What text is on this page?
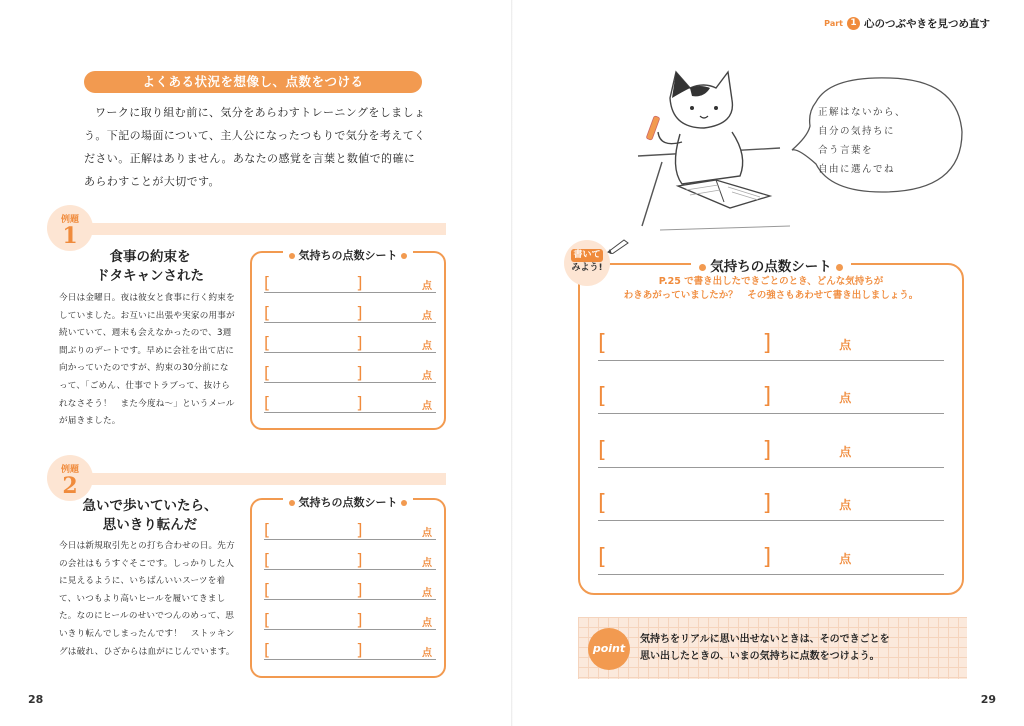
Part 1 心のつぶやきを見つめ直す
よくある状況を想像し、点数をつける

ワークに取り組む前に、気分をあらわすトレーニングをしましょう。下記の場面について、主人公になったつもりで気分を考えてください。正解はありません。あなたの感覚を言葉と数値で的確にあらわすことが大切です。

例題
1
食事の約束を
ドタキャンされた

今日は金曜日。夜は彼女と食事に行く約束をしていました。お互いに出張や実家の用事が続いていて、週末も会えなかったので、3週間ぶりのデートです。早めに会社を出て店に向かっていたのですが、約束の30分前になって、「ごめん、仕事でトラブって、抜けられなさそう！　また今度ね〜」というメールが届きました。

気持ちの点数シート
[	]	点
[	]	点
[	]	点
[	]	点
[	]	点
例題
2
急いで歩いていたら、
思いきり転んだ

今日は新規取引先との打ち合わせの日。先方の会社はもうすぐそこです。しっかりした人に見えるように、いちばんいいスーツを着て、いつもより高いヒールを履いてきました。なのにヒールのせいでつんのめって、思いきり転んでしまったんです！　ストッキングは破れ、ひざからは血がにじんでいます。

気持ちの点数シート
[	]	点
[	]	点
[	]	点
[	]	点
[	]	点
28
正解はないから、
自分の気持ちに
合う言葉を
自由に選んでね
気持ちの点数シート
P.25 で書き出したできごとのとき、どんな気持ちが
わきあがっていましたか？　その強さもあわせて書き出しましょう。
[	]	点
[	]	点
[	]	点
[	]	点
[	]	点
書いて
みよう!
point
気持ちをリアルに思い出せないときは、そのできごとを
思い出したときの、いまの気持ちに点数をつけよう。
29
